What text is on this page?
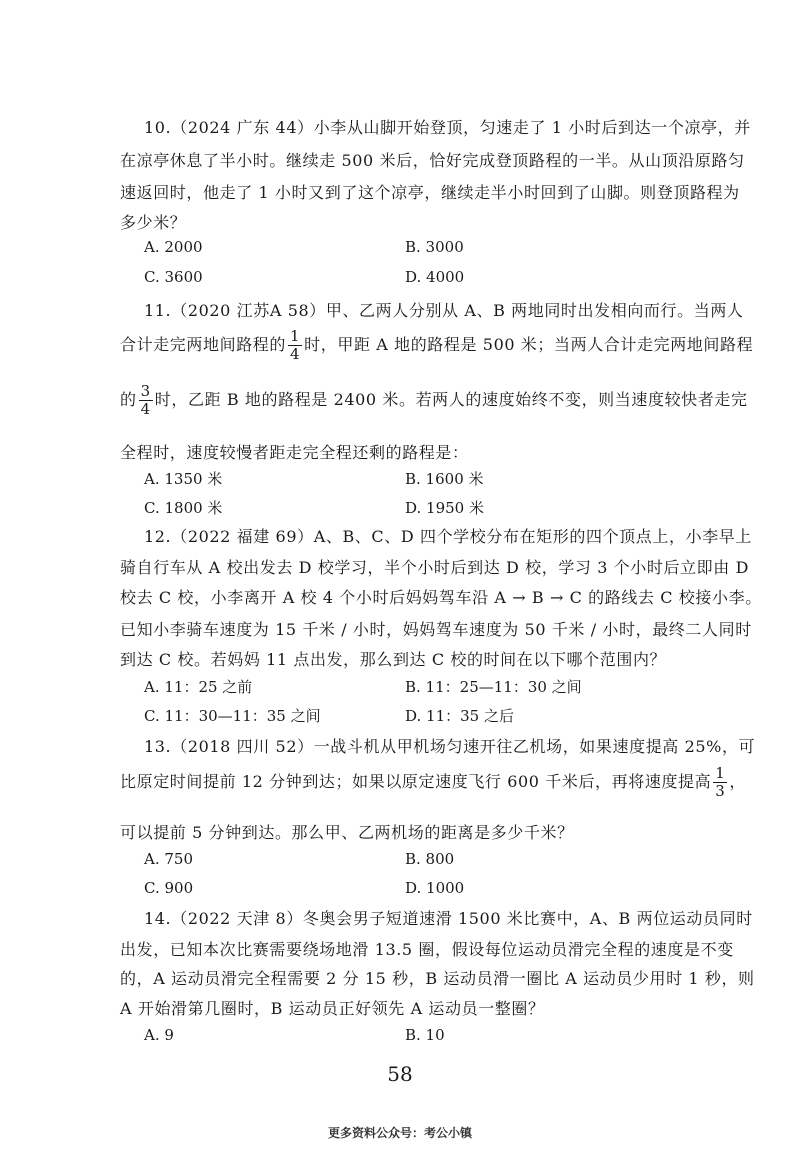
10.（2024 广东 44）小李从山脚开始登顶，匀速走了 1 小时后到达一个凉亭，并
在凉亭休息了半小时。继续走 500 米后，恰好完成登顶路程的一半。从山顶沿原路匀
速返回时，他走了 1 小时又到了这个凉亭，继续走半小时回到了山脚。则登顶路程为
多少米？
A. 2000	B. 3000
C. 3600	D. 4000
11.（2020 江苏A 58）甲、乙两人分别从 A、B 两地同时出发相向而行。当两人
合计走完两地间路程的 $\frac{1}{4}$ 时，甲距 A 地的路程是 500 米；当两人合计走完两地间路程
的 $\frac{3}{4}$ 时，乙距 B 地的路程是 2400 米。若两人的速度始终不变，则当速度较快者走完
全程时，速度较慢者距走完全程还剩的路程是：
A. 1350 米	B. 1600 米
C. 1800 米	D. 1950 米
12.（2022 福建 69）A、B、C、D 四个学校分布在矩形的四个顶点上，小李早上
骑自行车从 A 校出发去 D 校学习，半个小时后到达 D 校，学习 3 个小时后立即由 D
校去 C 校，小李离开 A 校 4 个小时后妈妈驾车沿 A → B → C 的路线去 C 校接小李。
已知小李骑车速度为 15 千米 / 小时，妈妈驾车速度为 50 千米 / 小时，最终二人同时
到达 C 校。若妈妈 11 点出发，那么到达 C 校的时间在以下哪个范围内？
A. 11：25 之前	B. 11：25—11：30 之间
C. 11：30—11：35 之间	D. 11：35 之后
13.（2018 四川 52）一战斗机从甲机场匀速开往乙机场，如果速度提高 25%，可
比原定时间提前 12 分钟到达；如果以原定速度飞行 600 千米后，再将速度提高 $\frac{1}{3}$ ，
可以提前 5 分钟到达。那么甲、乙两机场的距离是多少千米？
A. 750	B. 800
C. 900	D. 1000
14.（2022 天津 8）冬奥会男子短道速滑 1500 米比赛中，A、B 两位运动员同时
出发，已知本次比赛需要绕场地滑 13.5 圈，假设每位运动员滑完全程的速度是不变
的，A 运动员滑完全程需要 2 分 15 秒，B 运动员滑一圈比 A 运动员少用时 1 秒，则
A 开始滑第几圈时，B 运动员正好领先 A 运动员一整圈？
A. 9	B. 10
58
更多资料公众号：考公小镇
